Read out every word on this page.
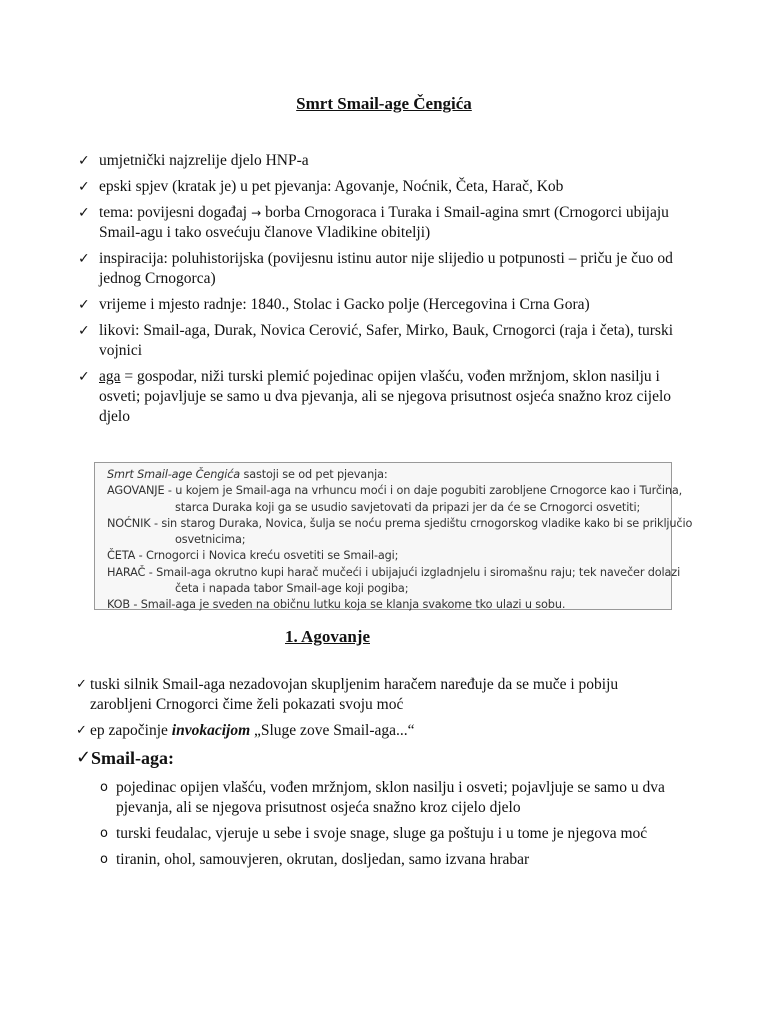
Smrt Smail-age Čengića
✓ umjetnički najzrelije djelo HNP-a
✓ epski spjev (kratak je) u pet pjevanja: Agovanje, Noćnik, Četa, Harač, Kob
✓ tema: povijesni događaj → borba Crnogoraca i Turaka i Smail-agina smrt (Crnogorci ubijaju Smail-agu i tako osvećuju članove Vladikine obitelji)
✓ inspiracija: poluhistorijska (povijesnu istinu autor nije slijedio u potpunosti – priču je čuo od jednog Crnogorca)
✓ vrijeme i mjesto radnje: 1840., Stolac i Gacko polje (Hercegovina i Crna Gora)
✓ likovi: Smail-aga, Durak, Novica Cerović, Safer, Mirko, Bauk, Crnogorci (raja i četa), turski vojnici
✓ aga = gospodar, niži turski plemić pojedinac opijen vlašću, vođen mržnjom, sklon nasilju i osveti; pojavljuje se samo u dva pjevanja, ali se njegova prisutnost osjeća snažno kroz cijelo djelo
Smrt Smail-age Čengića sastoji se od pet pjevanja:
AGOVANJE - u kojem je Smail-aga na vrhuncu moći i on daje pogubiti zarobljene Crnogorce kao i Turčina,
starca Duraka koji ga se usudio savjetovati da pripazi jer da će se Crnogorci osvetiti;
NOĆNIK - sin starog Duraka, Novica, šulja se noću prema sjedištu crnogorskog vladike kako bi se priključio
osvetnicima;
ČETA - Crnogorci i Novica kreću osvetiti se Smail-agi;
HARAČ - Smail-aga okrutno kupi harač mučeći i ubijajući izgladnjelu i siromašnu raju; tek navečer dolazi
četa i napada tabor Smail-age koji pogiba;
KOB - Smail-aga je sveden na običnu lutku koja se klanja svakome tko ulazi u sobu.
1. Agovanje
✓ tuski silnik Smail-aga nezadovojan skupljenim haračem naređuje da se muče i pobiju zarobljeni Crnogorci čime želi pokazati svoju moć
✓ ep započinje invokacijom „Sluge zove Smail-aga...“
✓ Smail-aga:
o pojedinac opijen vlašću, vođen mržnjom, sklon nasilju i osveti; pojavljuje se samo u dva pjevanja, ali se njegova prisutnost osjeća snažno kroz cijelo djelo
o turski feudalac, vjeruje u sebe i svoje snage, sluge ga poštuju i u tome je njegova moć
o tiranin, ohol, samouvjeren, okrutan, dosljedan, samo izvana hrabar
